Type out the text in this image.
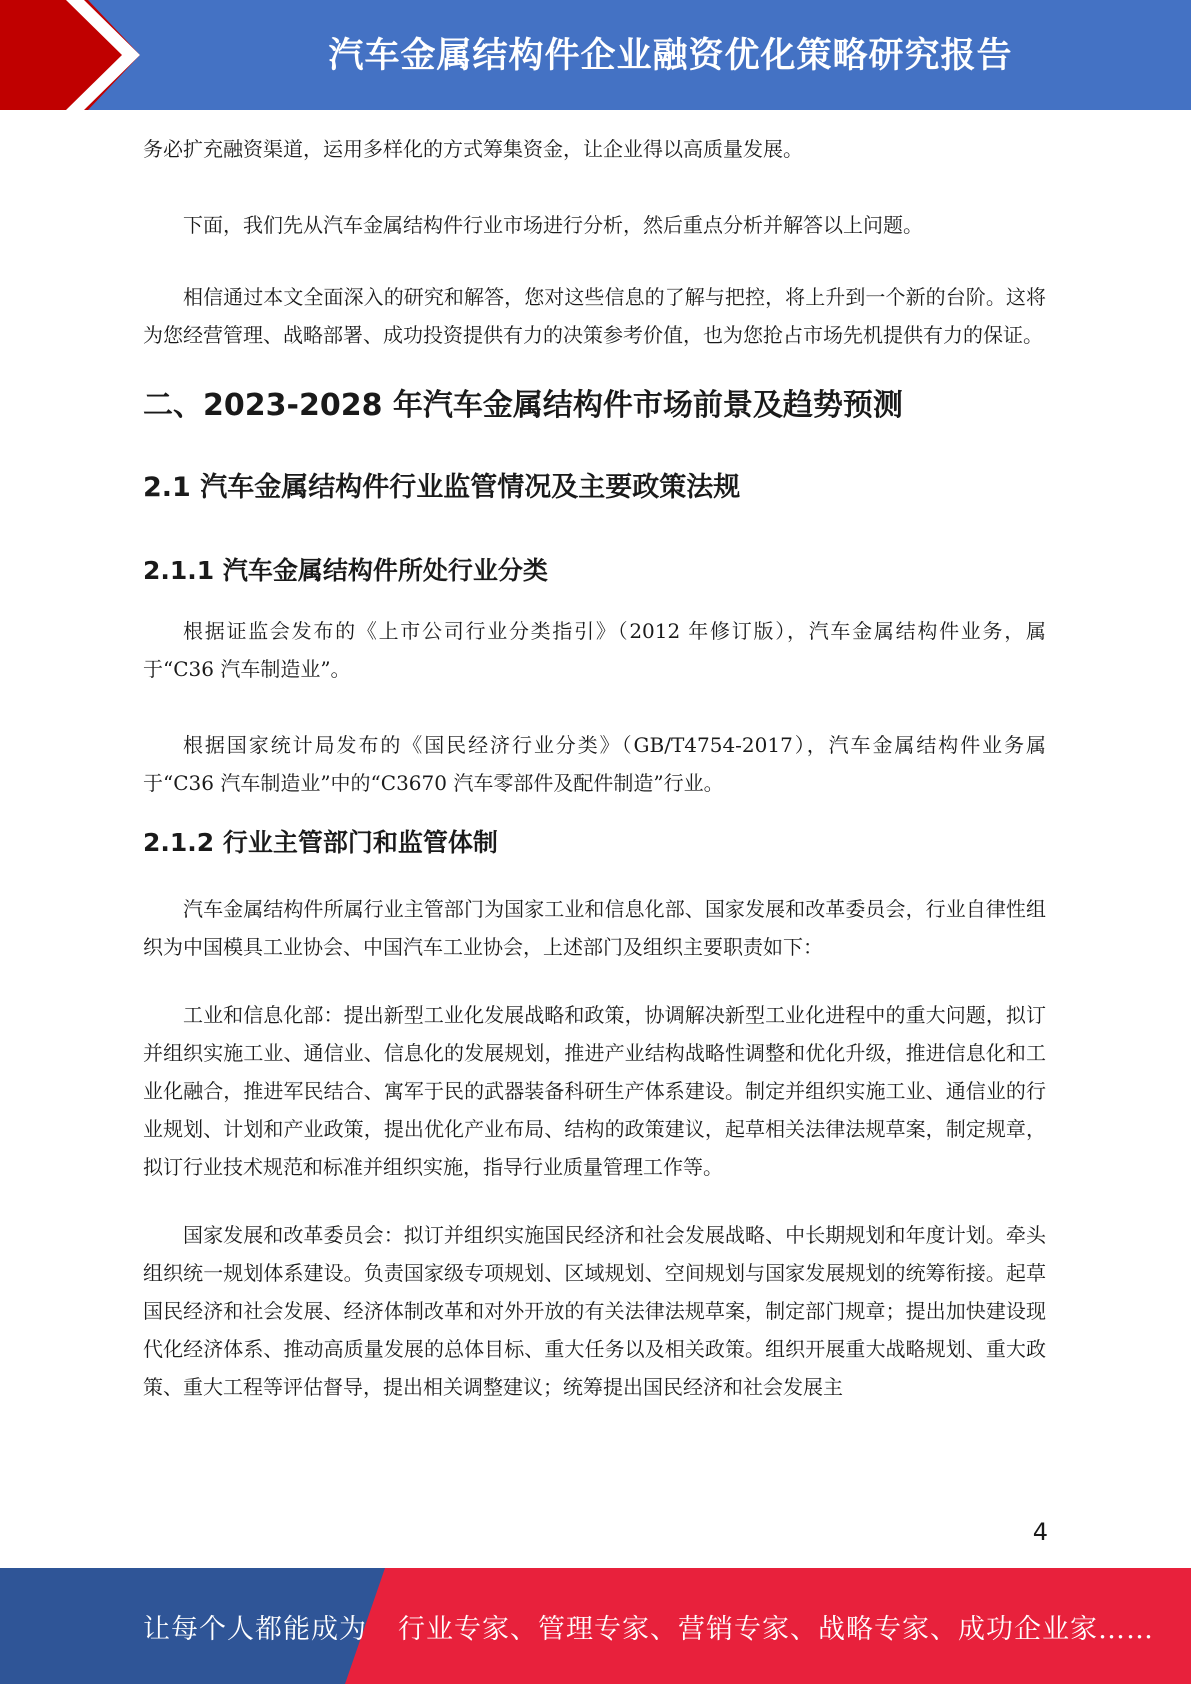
汽车金属结构件企业融资优化策略研究报告

务必扩充融资渠道，运用多样化的方式筹集资金，让企业得以高质量发展。

下面，我们先从汽车金属结构件行业市场进行分析，然后重点分析并解答以上问题。

相信通过本文全面深入的研究和解答，您对这些信息的了解与把控，将上升到一个新的台阶。这将为您经营管理、战略部署、成功投资提供有力的决策参考价值，也为您抢占市场先机提供有力的保证。

二、2023-2028 年汽车金属结构件市场前景及趋势预测
2.1 汽车金属结构件行业监管情况及主要政策法规
2.1.1 汽车金属结构件所处行业分类

根据证监会发布的《上市公司行业分类指引》（2012 年修订版），汽车金属结构件业务，属于“C36 汽车制造业”。

根据国家统计局发布的《国民经济行业分类》（GB/T4754-2017），汽车金属结构件业务属于“C36 汽车制造业”中的“C3670 汽车零部件及配件制造”行业。

2.1.2 行业主管部门和监管体制

汽车金属结构件所属行业主管部门为国家工业和信息化部、国家发展和改革委员会，行业自律性组织为中国模具工业协会、中国汽车工业协会，上述部门及组织主要职责如下：

工业和信息化部：提出新型工业化发展战略和政策，协调解决新型工业化进程中的重大问题，拟订并组织实施工业、通信业、信息化的发展规划，推进产业结构战略性调整和优化升级，推进信息化和工业化融合，推进军民结合、寓军于民的武器装备科研生产体系建设。制定并组织实施工业、通信业的行业规划、计划和产业政策，提出优化产业布局、结构的政策建议，起草相关法律法规草案，制定规章，拟订行业技术规范和标准并组织实施，指导行业质量管理工作等。

国家发展和改革委员会：拟订并组织实施国民经济和社会发展战略、中长期规划和年度计划。牵头组织统一规划体系建设。负责国家级专项规划、区域规划、空间规划与国家发展规划的统筹衔接。起草国民经济和社会发展、经济体制改革和对外开放的有关法律法规草案，制定部门规章；提出加快建设现代化经济体系、推动高质量发展的总体目标、重大任务以及相关政策。组织开展重大战略规划、重大政策、重大工程等评估督导，提出相关调整建议；统筹提出国民经济和社会发展主

4
让每个人都能成为 行业专家、管理专家、营销专家、战略专家、成功企业家……
